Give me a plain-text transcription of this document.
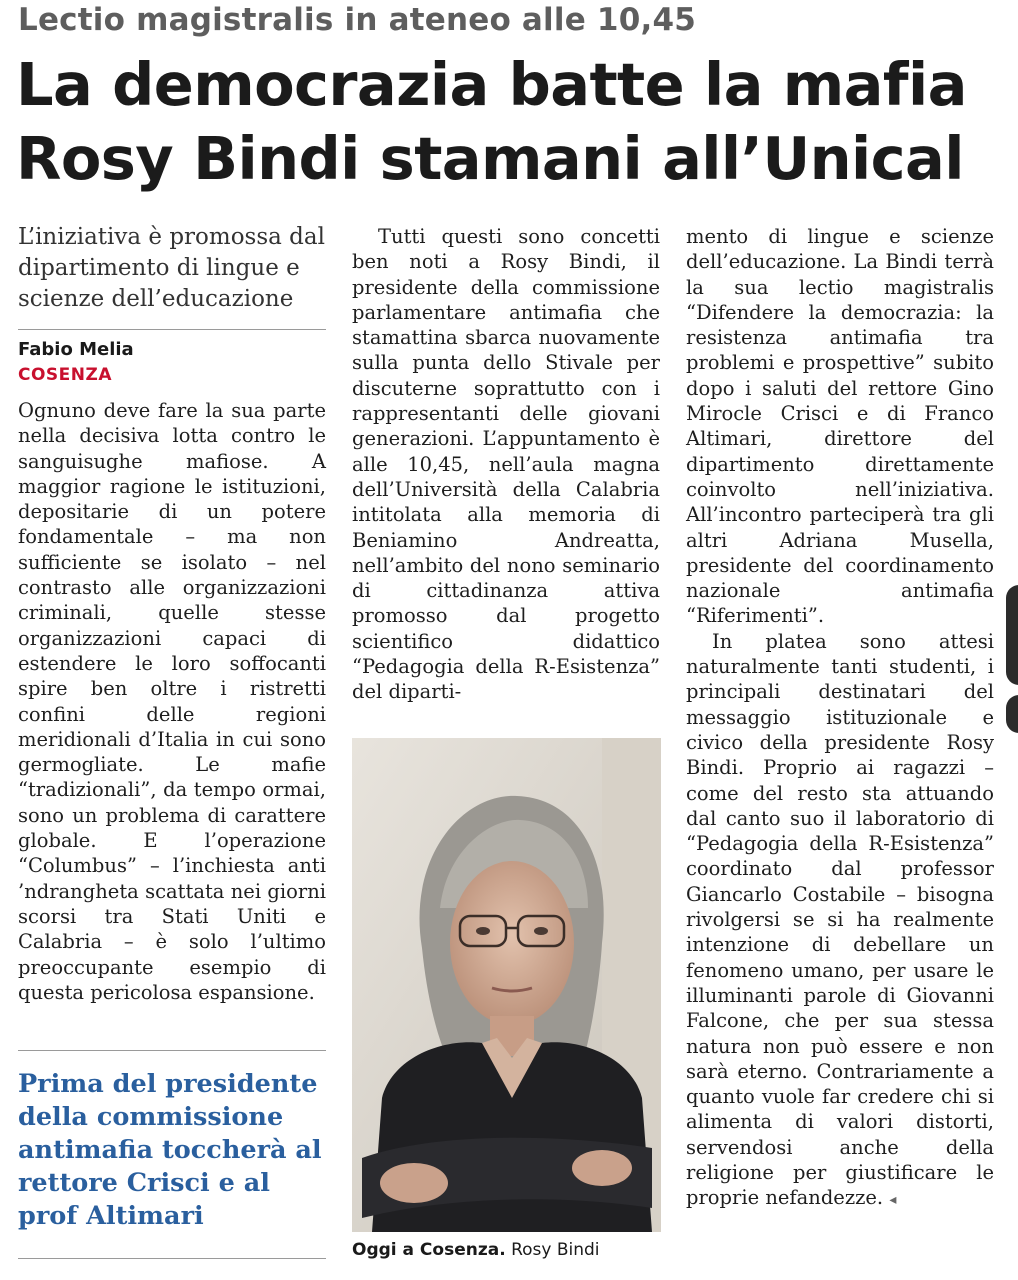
Lectio magistralis in ateneo alle 10,45
La democrazia batte la mafia
Rosy Bindi stamani all’Unical
L’iniziativa è promossa dal dipartimento di lingue e scienze dell’educazione
Fabio Melia
COSENZA

Ognuno deve fare la sua parte nella decisiva lotta contro le sanguisughe mafiose. A maggior ragione le istituzioni, depositarie di un potere fondamentale – ma non sufficiente se isolato – nel contrasto alle organizzazioni criminali, quelle stesse organizzazioni capaci di estendere le loro soffocanti spire ben oltre i ristretti confini delle regioni meridionali d’Italia in cui sono germogliate. Le mafie “tradizionali”, da tempo ormai, sono un problema di carattere globale. E l’operazione “Columbus” – l’inchiesta anti ’ndrangheta scattata nei giorni scorsi tra Stati Uniti e Calabria – è solo l’ultimo preoccupante esempio di questa pericolosa espansione.

Prima del presidente della commissione antimafia toccherà al rettore Crisci e al prof Altimari

Tutti questi sono concetti ben noti a Rosy Bindi, il presidente della commissione parlamentare antimafia che stamattina sbarca nuovamente sulla punta dello Stivale per discuterne soprattutto con i rappresentanti delle giovani generazioni. L’appuntamento è alle 10,45, nell’aula magna dell’Università della Calabria intitolata alla memoria di Beniamino Andreatta, nell’ambito del nono seminario di cittadinanza attiva promosso dal progetto scientifico didattico “Pedagogia della R-Esistenza” del diparti-

Oggi a Cosenza. Rosy Bindi

mento di lingue e scienze dell’educazione. La Bindi terrà la sua lectio magistralis “Difendere la democrazia: la resistenza antimafia tra problemi e prospettive” subito dopo i saluti del rettore Gino Mirocle Crisci e di Franco Altimari, direttore del dipartimento direttamente coinvolto nell’iniziativa. All’incontro parteciperà tra gli altri Adriana Musella, presidente del coordinamento nazionale antimafia “Riferimenti”.

In platea sono attesi naturalmente tanti studenti, i principali destinatari del messaggio istituzionale e civico della presidente Rosy Bindi. Proprio ai ragazzi – come del resto sta attuando dal canto suo il laboratorio di “Pedagogia della R-Esistenza” coordinato dal professor Giancarlo Costabile – bisogna rivolgersi se si ha realmente intenzione di debellare un fenomeno umano, per usare le illuminanti parole di Giovanni Falcone, che per sua stessa natura non può essere e non sarà eterno. Contrariamente a quanto vuole far credere chi si alimenta di valori distorti, servendosi anche della religione per giustificare le proprie nefandezze. ◂
